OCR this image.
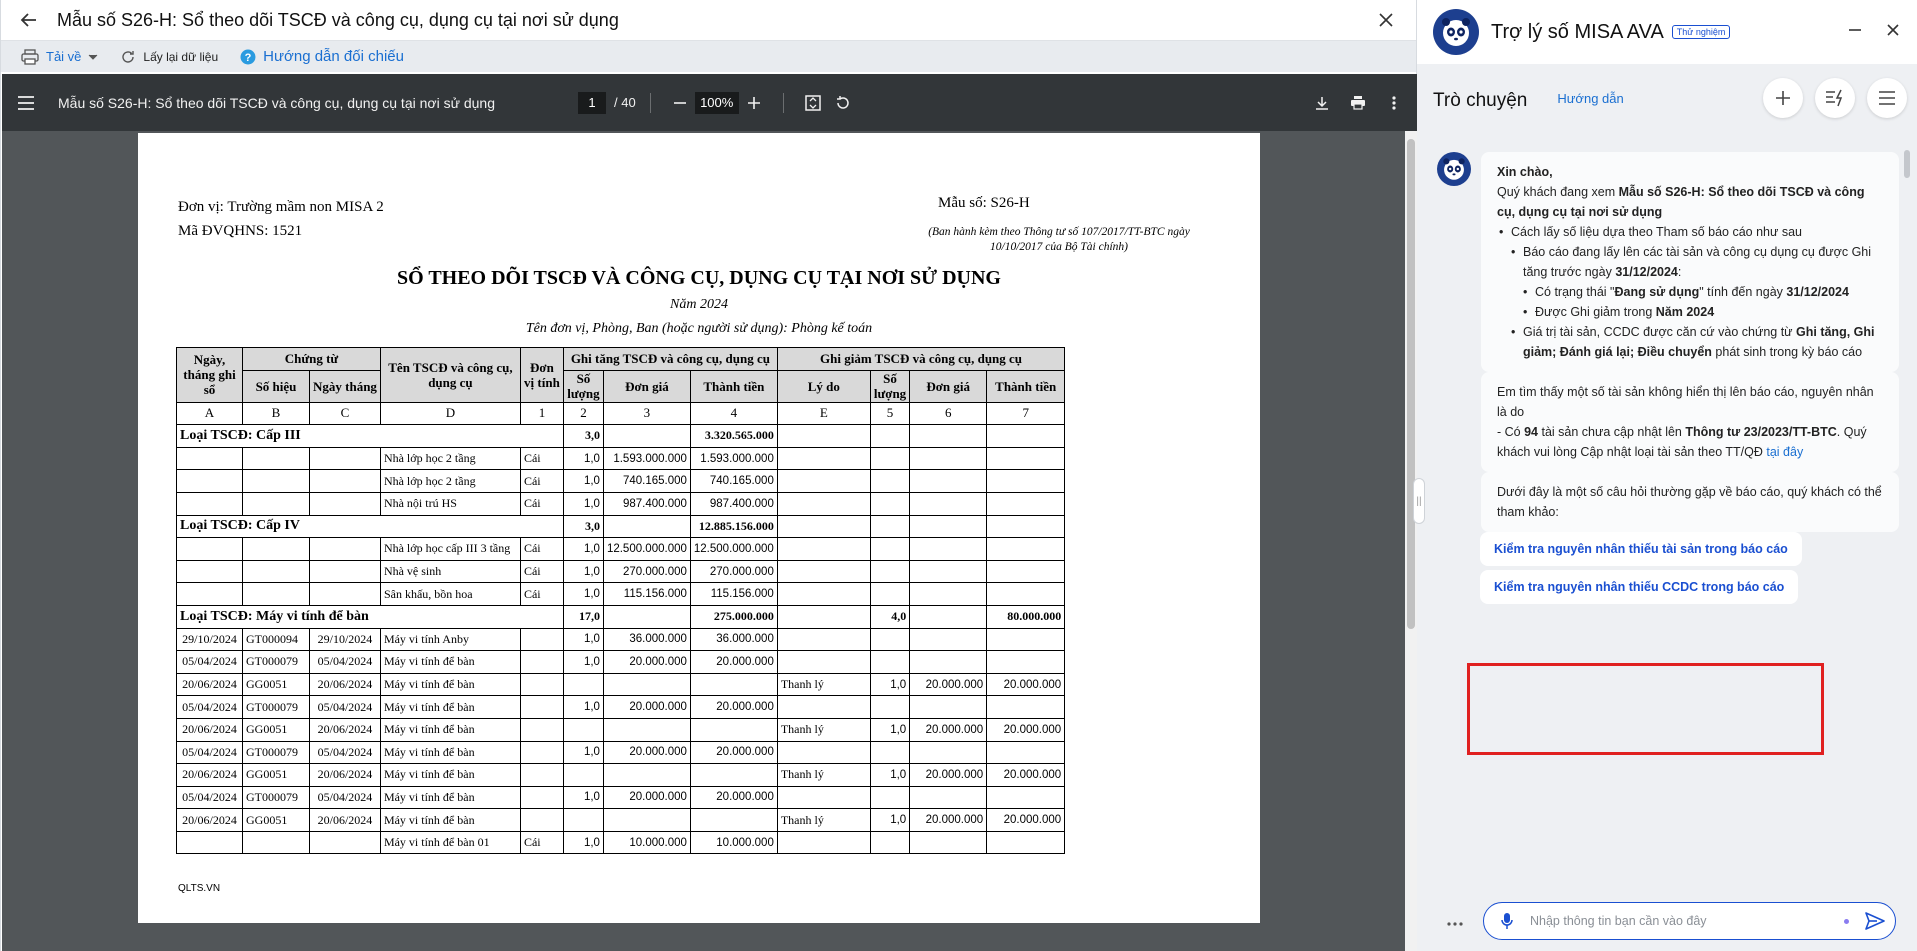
Mẫu số S26-H: Sổ theo dõi TSCĐ và công cụ, dụng cụ tại nơi sử dụng
Tải về	Lấy lại dữ liệu ? Hướng dẫn đối chiếu
Mẫu số S26-H: Sổ theo dõi TSCĐ và công cụ, dụng cụ tại nơi sử dụng
1	/ 40	100%
Đơn vị: Trường mầm non MISA 2
Mã ĐVQHNS: 1521
Mẫu số: S26-H
(Ban hành kèm theo Thông tư số 107/2017/TT-BTC ngày
10/10/2017 của Bộ Tài chính)
SỔ THEO DÕI TSCĐ VÀ CÔNG CỤ, DỤNG CỤ TẠI NƠI SỬ DỤNG
Năm 2024
Tên đơn vị, Phòng, Ban (hoặc người sử dụng): Phòng kế toán
Ngày, tháng ghi sổ	Chứng từ		Tên TSCĐ và công cụ, dụng cụ	Đơn vị tính	Ghi tăng TSCĐ và công cụ, dụng cụ			Ghi giảm TSCĐ và công cụ, dụng cụ			
	Số hiệu	Ngày tháng			Số lượng	Đơn giá	Thành tiền	Lý do	Số lượng	Đơn giá	Thành tiền
A	B	C	D	1	2	3	4	E	5	6	7
Loại TSCĐ: Cấp III					3,0		3.320.565.000				
			Nhà lớp học 2 tầng	Cái	1,0	1.593.000.000	1.593.000.000				
			Nhà lớp học 2 tầng	Cái	1,0	740.165.000	740.165.000				
			Nhà nội trú HS	Cái	1,0	987.400.000	987.400.000				
Loại TSCĐ: Cấp IV					3,0		12.885.156.000				
			Nhà lớp học cấp III 3 tầng	Cái	1,0	12.500.000.000	12.500.000.000				
			Nhà vệ sinh	Cái	1,0	270.000.000	270.000.000				
			Sân khấu, bồn hoa	Cái	1,0	115.156.000	115.156.000				
Loại TSCĐ: Máy vi tính để bàn					17,0		275.000.000		4,0		80.000.000
29/10/2024	GT000094	29/10/2024	Máy vi tính Anby		1,0	36.000.000	36.000.000				
05/04/2024	GT000079	05/04/2024	Máy vi tính để bàn		1,0	20.000.000	20.000.000				
20/06/2024	GG0051	20/06/2024	Máy vi tính để bàn					Thanh lý	1,0	20.000.000	20.000.000
05/04/2024	GT000079	05/04/2024	Máy vi tính để bàn		1,0	20.000.000	20.000.000				
20/06/2024	GG0051	20/06/2024	Máy vi tính để bàn					Thanh lý	1,0	20.000.000	20.000.000
05/04/2024	GT000079	05/04/2024	Máy vi tính để bàn		1,0	20.000.000	20.000.000				
20/06/2024	GG0051	20/06/2024	Máy vi tính để bàn					Thanh lý	1,0	20.000.000	20.000.000
05/04/2024	GT000079	05/04/2024	Máy vi tính để bàn		1,0	20.000.000	20.000.000				
20/06/2024	GG0051	20/06/2024	Máy vi tính để bàn					Thanh lý	1,0	20.000.000	20.000.000
			Máy vi tính để bàn 01	Cái	1,0	10.000.000	10.000.000				
QLTS.VN
||
Trợ lý số MISA AVA	Thử nghiệm
Trò chuyện Hướng dẫn
Xin chào,
Quý khách đang xem Mẫu số S26-H: Sổ theo dõi TSCĐ và công cụ, dụng cụ tại nơi sử dụng
• Cách lấy số liệu dựa theo Tham số báo cáo như sau
• Báo cáo đang lấy lên các tài sản và công cụ dụng cụ được Ghi tăng trước ngày 31/12/2024:
• Có trạng thái "Đang sử dụng" tính đến ngày 31/12/2024
• Được Ghi giảm trong Năm 2024
• Giá trị tài sản, CCDC được căn cứ vào chứng từ Ghi tăng, Ghi giảm; Đánh giá lại; Điều chuyển phát sinh trong kỳ báo cáo
Em tìm thấy một số tài sản không hiển thị lên báo cáo, nguyên nhân là do
- Có 94 tài sản chưa cập nhật lên Thông tư 23/2023/TT-BTC. Quý khách vui lòng Cập nhật loại tài sản theo TT/QĐ tại đây
Dưới đây là một số câu hỏi thường gặp về báo cáo, quý khách có thể tham khảo:
Kiểm tra nguyên nhân thiếu tài sản trong báo cáo
Kiểm tra nguyên nhân thiếu CCDC trong báo cáo
Nhập thông tin bạn cần vào đây
